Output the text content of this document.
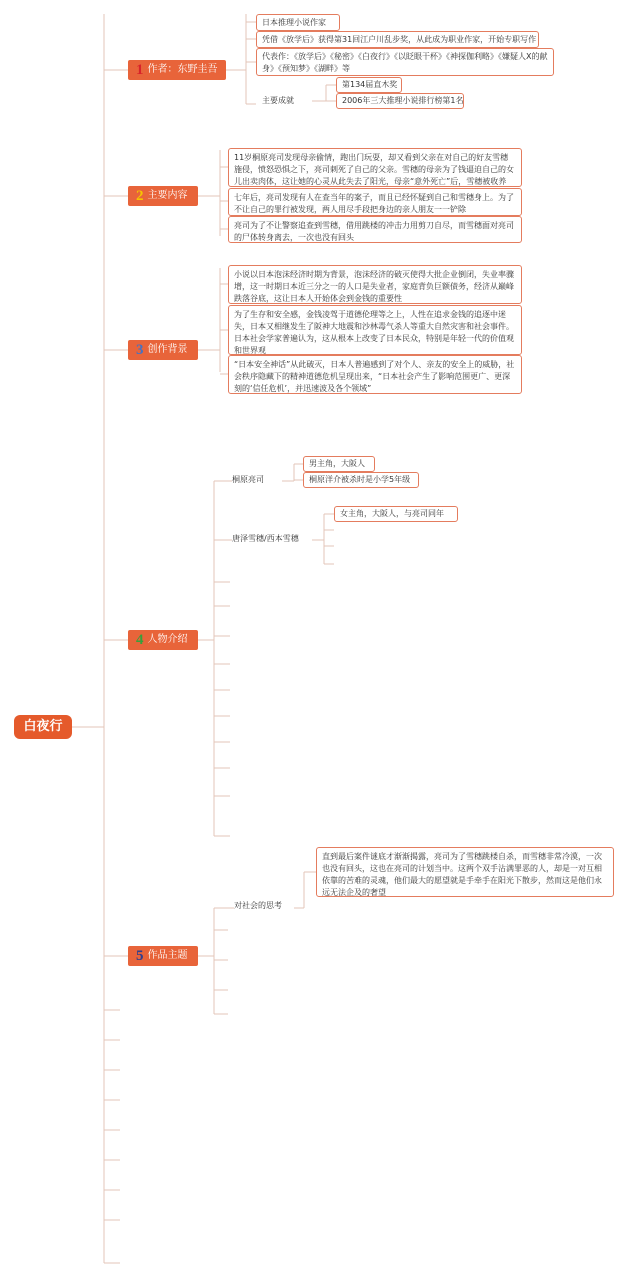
白夜行
1 作者：东野圭吾
日本推理小说作家
凭借《放学后》获得第31回江户川乱步奖，从此成为职业作家，开始专职写作
代表作：《放学后》《秘密》《白夜行》《以眨眼干杯》《神探伽利略》《嫌疑人X的献身》《预知梦》《湖畔》等
主要成就
第134届直木奖
2006年三大推理小说排行榜第1名
2 主要内容
11岁桐原亮司发现母亲偷情，跑出门玩耍，却又看到父亲在对自己的好友雪穗施侵，愤怒恐惧之下，亮司刺死了自己的父亲。雪穗的母亲为了钱逼迫自己的女儿出卖肉体，这让她的心灵从此失去了阳光，母亲“意外死亡”后，雪穗被收养
七年后，亮司发现有人在查当年的案子，而且已经怀疑到自己和雪穗身上。为了不让自己的罪行被发现，两人用尽手段把身边的亲人朋友一一铲除
亮司为了不让警察追查到雪穗，借用跳楼的冲击力用剪刀自尽，而雪穗面对亮司的尸体转身离去，一次也没有回头
3 创作背景
小说以日本泡沫经济时期为背景，泡沫经济的破灭使得大批企业倒闭，失业率骤增，这一时期日本近三分之一的人口是失业者，家庭背负巨额债务，经济从巅峰跌落谷底，这让日本人开始体会到金钱的重要性
为了生存和安全感，金钱凌驾于道德伦理等之上，人性在追求金钱的追逐中迷失，日本又相继发生了阪神大地震和沙林毒气杀人等重大自然灾害和社会事件。日本社会学家普遍认为，这从根本上改变了日本民众，特别是年轻一代的价值观和世界观
“日本安全神话”从此破灭，日本人普遍感到了对个人、亲友的安全上的威胁，社会秩序隐藏下的精神道德危机呈现出来，“日本社会产生了影响范围更广、更深刻的‘信任危机’，并迅速波及各个领域”
4 人物介绍
桐原亮司
男主角，大阪人
桐原洋介被杀时是小学5年级
唐泽雪穗/西本雪穗
女主角，大阪人，与亮司同年
5 作品主题
对社会的思考
直到最后案件谜底才渐渐揭露，亮司为了雪穗跳楼自杀，而雪穗非常冷漠，一次也没有回头，这也在亮司的计划当中。这两个双手沾满罪恶的人，却是一对互相依靠的苦难的灵魂，他们最大的愿望就是手牵手在阳光下散步，然而这是他们永远无法企及的奢望
